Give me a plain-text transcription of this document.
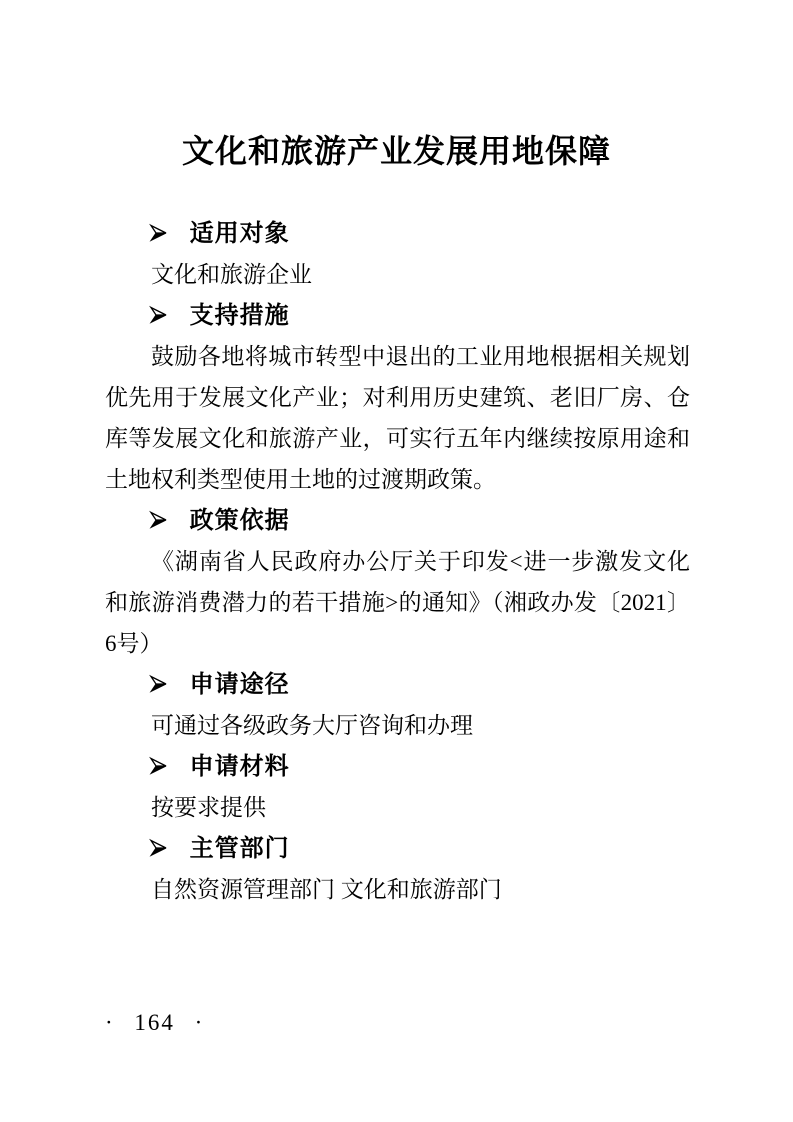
文化和旅游产业发展用地保障
适用对象

文化和旅游企业

支持措施

鼓励各地将城市转型中退出的工业用地根据相关规划优先用于发展文化产业；对利用历史建筑、老旧厂房、仓库等发展文化和旅游产业，可实行五年内继续按原用途和土地权利类型使用土地的过渡期政策。

政策依据

《湖南省人民政府办公厅关于印发<进一步激发文化和旅游消费潜力的若干措施>的通知》（湘政办发〔2021〕6号）

申请途径

可通过各级政务大厅咨询和办理

申请材料

按要求提供

主管部门

自然资源管理部门 文化和旅游部门

· 164 ·
